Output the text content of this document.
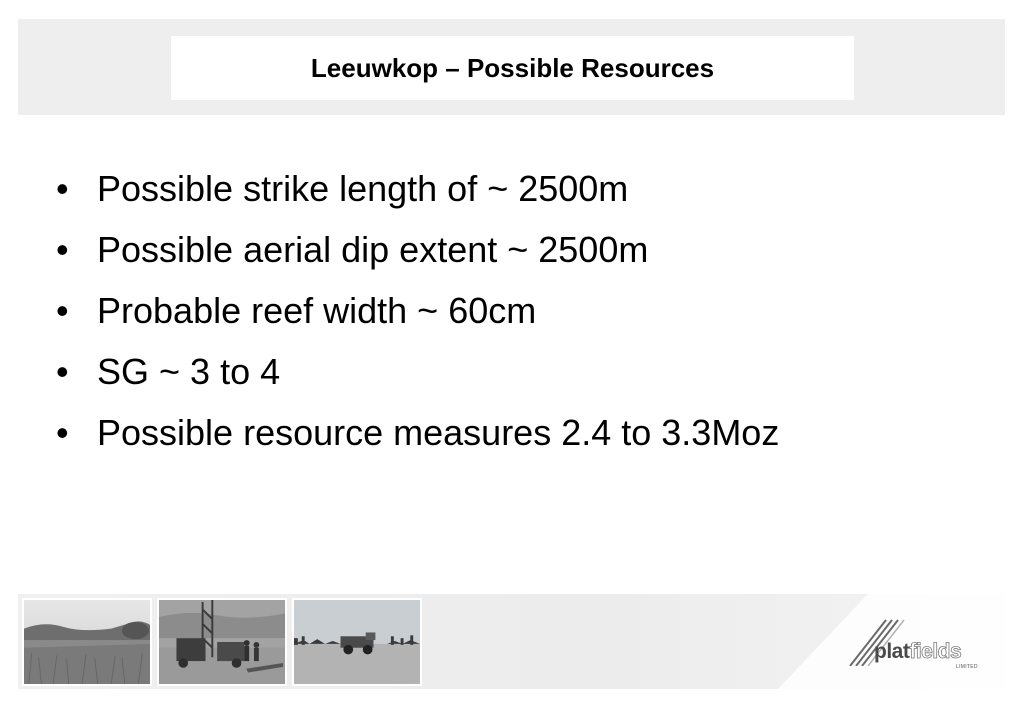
Leeuwkop – Possible Resources
• Possible strike length of ~ 2500m
• Possible aerial dip extent ~ 2500m
• Probable reef width ~ 60cm
• SG ~ 3 to 4
• Possible resource measures 2.4 to 3.3Moz
platfields
LIMITED
